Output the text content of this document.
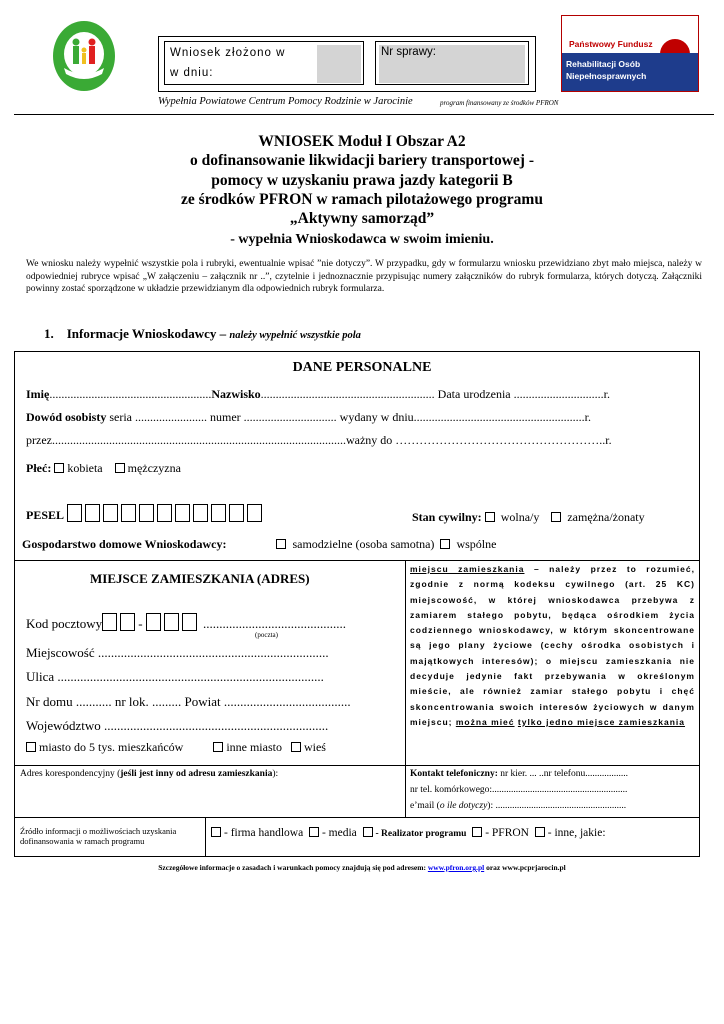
Wniosek złożono w
w dniu:
Nr sprawy:
Państwowy Fundusz
Rehabilitacji Osób
Niepełnosprawnych
Wypełnia Powiatowe Centrum Pomocy Rodzinie w Jarocinie	program finansowany ze środków PFRON
WNIOSEK Moduł I Obszar A2
o dofinansowanie likwidacji bariery transportowej -
pomocy w uzyskaniu prawa jazdy kategorii B
ze środków PFRON w ramach pilotażowego programu
„Aktywny samorząd”
- wypełnia Wnioskodawca w swoim imieniu.
We wniosku należy wypełnić wszystkie pola i rubryki, ewentualnie wpisać ”nie dotyczy”. W przypadku, gdy w formularzu wniosku przewidziano zbyt mało miejsca, należy w odpowiedniej rubryce wpisać „W załączeniu – załącznik nr ..”, czytelnie i jednoznacznie przypisując numery załączników do rubryk formularza, których dotyczą. Załączniki powinny zostać sporządzone w układzie przewidzianym dla odpowiednich rubryk formularza.
1. Informacje Wnioskodawcy – należy wypełnić wszystkie pola
DANE PERSONALNE
Imię......................................................Nazwisko.......................................................... Data urodzenia ..............................r.
Dowód osobisty seria ........................ numer ............................... wydany w dniu.........................................................r.
przez..................................................................................................ważny do ……………………………………………..r.
Płeć: kobieta mężczyzna
PESEL	Stan cywilny: wolna/y zamężna/żonaty
Gospodarstwo domowe Wnioskodawcy:	samodzielne (osoba samotna) wspólne
MIEJSCE ZAMIESZKANIA (ADRES)
Kod pocztowy	-	............................................
(poczta)
Miejscowość .......................................................................
Ulica ..................................................................................
Nr domu ........... nr lok. ......... Powiat .......................................
Województwo .....................................................................
miasto do 5 tys. mieszkańców	inne miasto wieś
miejscu zamieszkania – należy przez to rozumieć, zgodnie z normą kodeksu cywilnego (art. 25 KC) miejscowość, w której wnioskodawca przebywa z zamiarem stałego pobytu, będąca ośrodkiem życia codziennego wnioskodawcy, w którym skoncentrowane są jego plany życiowe (cechy ośrodka osobistych i majątkowych interesów); o miejscu zamieszkania nie decyduje jedynie fakt przebywania w określonym mieście, ale również zamiar stałego pobytu i chęć skoncentrowania swoich interesów życiowych w danym miejscu; można mieć tylko jedno miejsce zamieszkania
Adres korespondencyjny (jeśli jest inny od adresu zamieszkania):	Kontakt telefoniczny: nr kier. ... ..nr telefonu..................
nr tel. komórkowego:.........................................................
e’mail (o ile dotyczy): .......................................................
Źródło informacji o możliwościach uzyskania
dofinansowania w ramach programu
- firma handlowa - media - Realizator programu - PFRON - inne, jakie:
Szczegółowe informacje o zasadach i warunkach pomocy znajdują się pod adresem: www.pfron.org.pl oraz www.pcprjarocin.pl
